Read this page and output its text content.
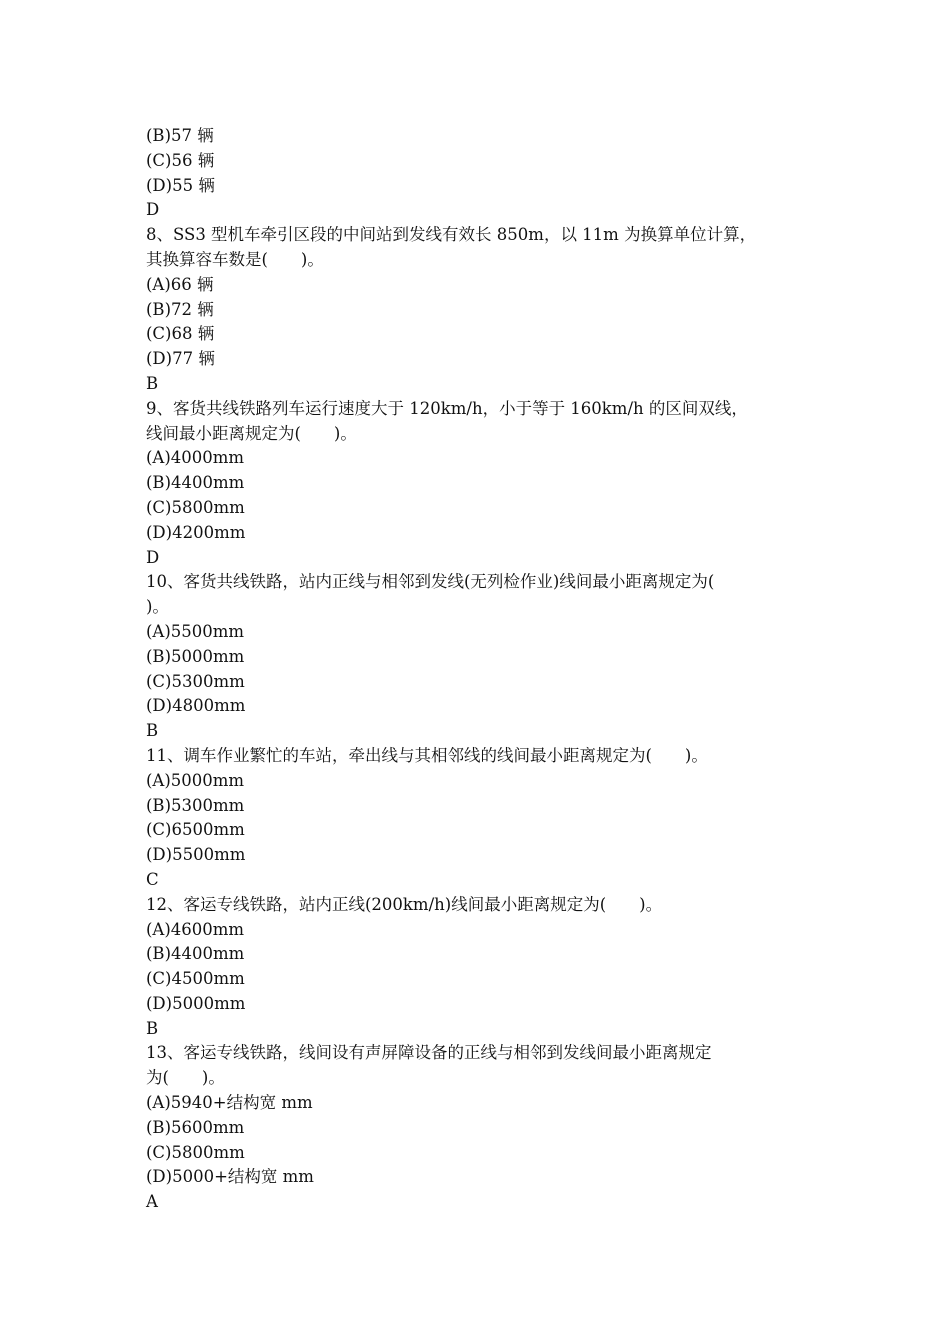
(B)57 辆
(C)56 辆
(D)55 辆
D
8、SS3 型机车牵引区段的中间站到发线有效长 850m，以 11m 为换算单位计算，
其换算容车数是(　　)。
(A)66 辆
(B)72 辆
(C)68 辆
(D)77 辆
B
9、客货共线铁路列车运行速度大于 120km/h，小于等于 160km/h 的区间双线，
线间最小距离规定为(　　)。
(A)4000mm
(B)4400mm
(C)5800mm
(D)4200mm
D
10、客货共线铁路，站内正线与相邻到发线(无列检作业)线间最小距离规定为(
)。
(A)5500mm
(B)5000mm
(C)5300mm
(D)4800mm
B
11、调车作业繁忙的车站，牵出线与其相邻线的线间最小距离规定为(　　)。
(A)5000mm
(B)5300mm
(C)6500mm
(D)5500mm
C
12、客运专线铁路，站内正线(200km/h)线间最小距离规定为(　　)。
(A)4600mm
(B)4400mm
(C)4500mm
(D)5000mm
B
13、客运专线铁路，线间设有声屏障设备的正线与相邻到发线间最小距离规定
为(　　)。
(A)5940+结构宽 mm
(B)5600mm
(C)5800mm
(D)5000+结构宽 mm
A
